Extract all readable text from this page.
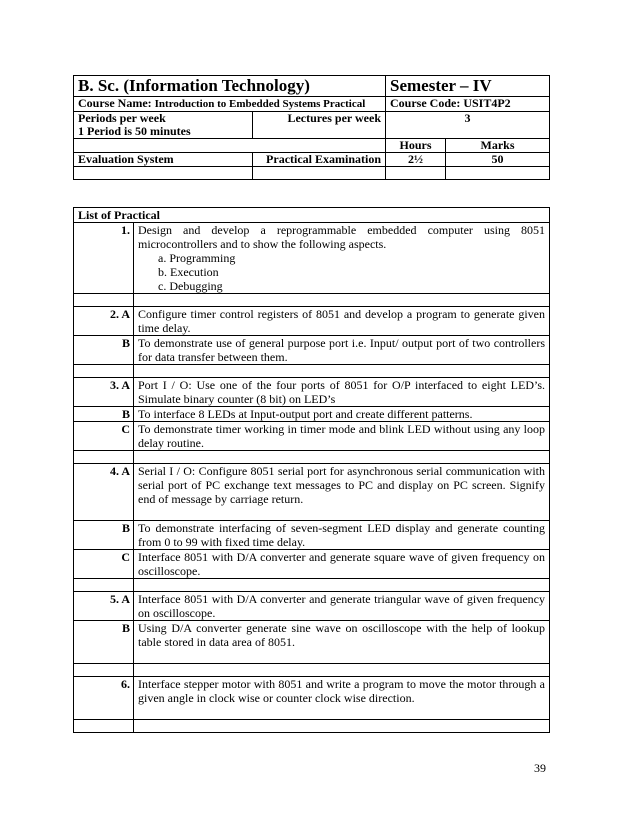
B. Sc. (Information Technology)		Semester – IV	
Course Name: Introduction to Embedded Systems Practical		Course Code: USIT4P2	

Periods per week
1 Period is 50 minutes	Lectures per week	3	
		Hours	Marks
Evaluation System	Practical Examination	2½	50

List of Practical	
1.	Design and develop a reprogrammable embedded computer using 8051 microcontrollers and to show the following aspects.
a. Programming
b. Execution
c. Debugging

2. A	Configure timer control registers of 8051 and develop a program to generate given time delay.
B	To demonstrate use of general purpose port i.e. Input/ output port of two controllers for data transfer between them.

3. A	Port I / O: Use one of the four ports of 8051 for O/P interfaced to eight LED’s. Simulate binary counter (8 bit) on LED’s
B	To interface 8 LEDs at Input-output port and create different patterns.
C	To demonstrate timer working in timer mode and blink LED without using any loop delay routine.

4. A	Serial I / O: Configure 8051 serial port for asynchronous serial communication with serial port of PC exchange text messages to PC and display on PC screen. Signify end of message by carriage return.
B	To demonstrate interfacing of seven-segment LED display and generate counting from 0 to 99 with fixed time delay.
C	Interface 8051 with D/A converter and generate square wave of given frequency on oscilloscope.

5. A	Interface 8051 with D/A converter and generate triangular wave of given frequency on oscilloscope.
B	Using D/A converter generate sine wave on oscilloscope with the help of lookup table stored in data area of 8051.

6.	Interface stepper motor with 8051 and write a program to move the motor through a given angle in clock wise or counter clock wise direction.

39
